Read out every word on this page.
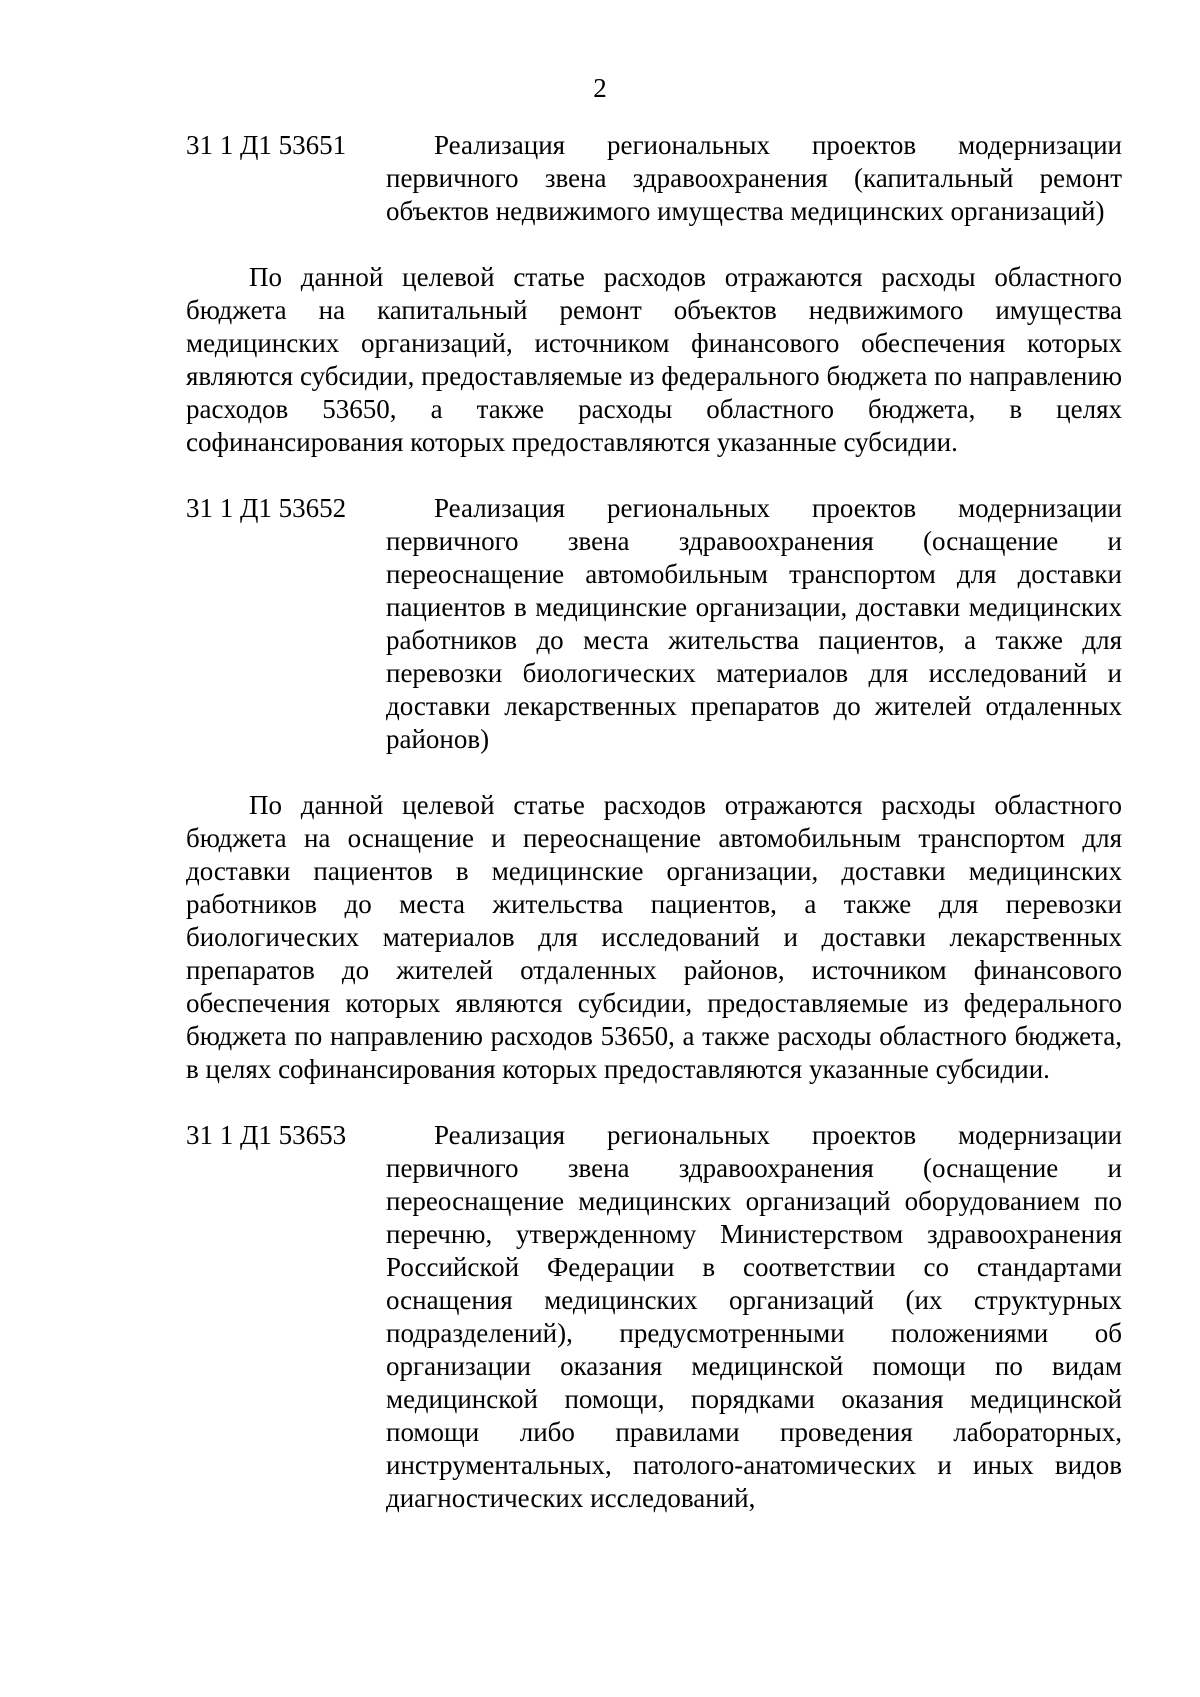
2
31 1 Д1 53651	Реализация региональных проектов модернизации первичного звена здравоохранения (капитальный ремонт объектов недвижимого имущества медицинских организаций)

По данной целевой статье расходов отражаются расходы областного бюджета на капитальный ремонт объектов недвижимого имущества медицинских организаций, источником финансового обеспечения которых являются субсидии, предоставляемые из федерального бюджета по направлению расходов 53650, а также расходы областного бюджета, в целях софинансирования которых предоставляются указанные субсидии.

31 1 Д1 53652	Реализация региональных проектов модернизации первичного звена здравоохранения (оснащение и переоснащение автомобильным транспортом для доставки пациентов в медицинские организации, доставки медицинских работников до места жительства пациентов, а также для перевозки биологических материалов для исследований и доставки лекарственных препаратов до жителей отдаленных районов)

По данной целевой статье расходов отражаются расходы областного бюджета на оснащение и переоснащение автомобильным транспортом для доставки пациентов в медицинские организации, доставки медицинских работников до места жительства пациентов, а также для перевозки биологических материалов для исследований и доставки лекарственных препаратов до жителей отдаленных районов, источником финансового обеспечения которых являются субсидии, предоставляемые из федерального бюджета по направлению расходов 53650, а также расходы областного бюджета, в целях софинансирования которых предоставляются указанные субсидии.

31 1 Д1 53653	Реализация региональных проектов модернизации первичного звена здравоохранения (оснащение и переоснащение медицинских организаций оборудованием по перечню, утвержденному Министерством здравоохранения Российской Федерации в соответствии со стандартами оснащения медицинских организаций (их структурных подразделений), предусмотренными положениями об организации оказания медицинской помощи по видам медицинской помощи, порядками оказания медицинской помощи либо правилами проведения лабораторных, инструментальных, патолого-анатомических и иных видов диагностических исследований,
